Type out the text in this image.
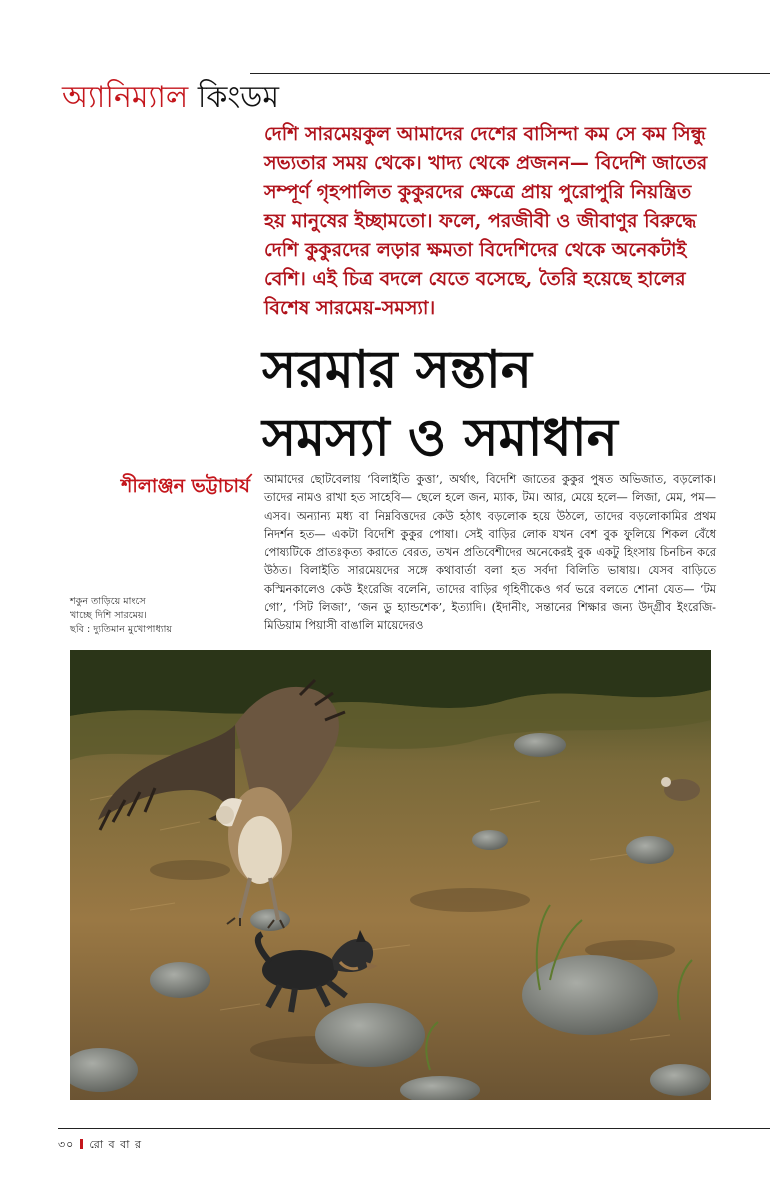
অ্যানিম্যাল কিংডম

দেশি সারমেয়কুল আমাদের দেশের বাসিন্দা কম সে কম সিন্ধু সভ্যতার সময় থেকে। খাদ্য থেকে প্রজনন— বিদেশি জাতের সম্পূর্ণ গৃহপালিত কুকুরদের ক্ষেত্রে প্রায় পুরোপুরি নিয়ন্ত্রিত হয় মানুষের ইচ্ছামতো। ফলে, পরজীবী ও জীবাণুর বিরুদ্ধে দেশি কুকুরদের লড়ার ক্ষমতা বিদেশিদের থেকে অনেকটাই বেশি। এই চিত্র বদলে যেতে বসেছে, তৈরি হয়েছে হালের বিশেষ সারমেয়-সমস্যা।

সরমার সন্তান
সমস্যা ও সমাধান
শীলাঞ্জন ভট্টাচার্য আমাদের ছোটবেলায় ‘বিলাইতি কুত্তা’, অর্থাৎ, বিদেশি জাতের কুকুর পুষত অভিজাত, বড়লোক। তাদের নামও রাখা হত সাহেবি— ছেলে হলে জন, ম্যাক, টম। আর, মেয়ে হলে— লিজা, মেম, পম— এসব। অন্যান্য মধ্য বা নিম্নবিত্তদের কেউ হঠাৎ বড়লোক হয়ে উঠলে, তাদের বড়লোকামির প্রথম নিদর্শন হত— একটা বিদেশি কুকুর পোষা। সেই বাড়ির লোক যখন বেশ বুক ফুলিয়ে শিকল বেঁধে পোষ্যটিকে প্রাতঃকৃত্য করাতে বেরত, তখন প্রতিবেশীদের অনেকেরই বুক একটু হিংসায় চিনচিন করে উঠত। বিলাইতি সারমেয়দের সঙ্গে কথাবার্তা বলা হত সর্বদা বিলিতি ভাষায়। যেসব বাড়িতে কস্মিনকালেও কেউ ইংরেজি বলেনি, তাদের বাড়ির গৃহিণীকেও গর্ব ভরে বলতে শোনা যেত— ‘টম গো’, ‘সিট লিজা’, ‘জন ডু হ্যান্ডশেক’, ইত্যাদি। (ইদানীং, সন্তানের শিক্ষার জন্য উদ্গ্রীব ইংরেজি-মিডিয়াম পিয়াসী বাঙালি মায়েদেরও

শকুন তাড়িয়ে মাংসে
খাচ্ছে দিশি সারমেয়।
ছবি : দ্যুতিমান মুখোপাধ্যায়
৩০ রো ব বা র
